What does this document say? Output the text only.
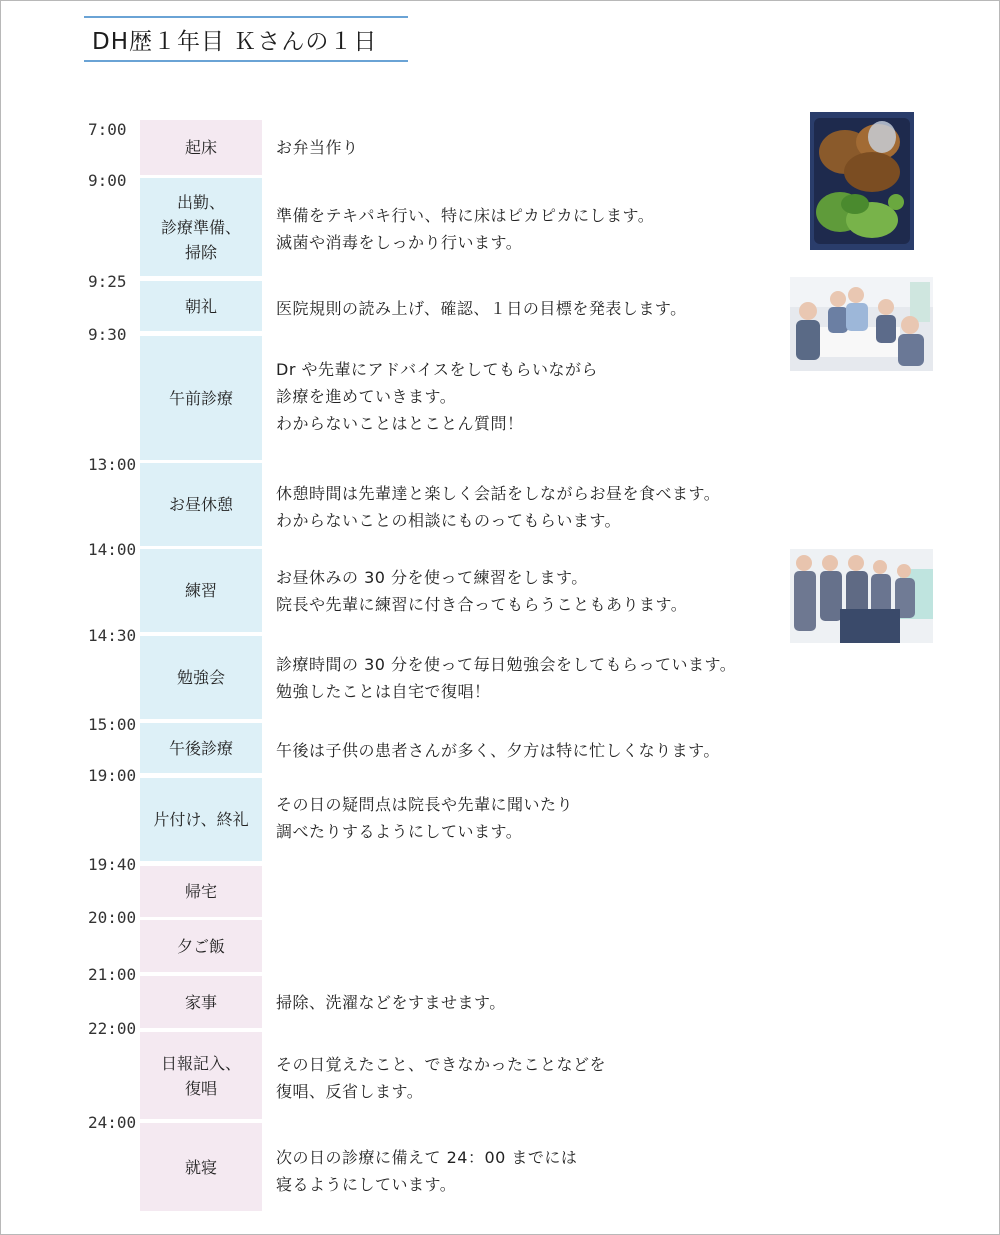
DH歴１年目 Ｋさんの１日
7:00
9:00
9:25
9:30
13:00
14:00
14:30
15:00
19:00
19:40
20:00
21:00
22:00
24:00
起床
出勤、
診療準備、
掃除
朝礼
午前診療
お昼休憩
練習
勉強会
午後診療
片付け、終礼
帰宅
夕ご飯
家事
日報記入、
復唱
就寝
お弁当作り
準備をテキパキ行い、特に床はピカピカにします。
滅菌や消毒をしっかり行います。
医院規則の読み上げ、確認、１日の目標を発表します。
Dr や先輩にアドバイスをしてもらいながら
診療を進めていきます。
わからないことはとことん質問！
休憩時間は先輩達と楽しく会話をしながらお昼を食べます。
わからないことの相談にものってもらいます。
お昼休みの 30 分を使って練習をします。
院長や先輩に練習に付き合ってもらうこともあります。
診療時間の 30 分を使って毎日勉強会をしてもらっています。
勉強したことは自宅で復唱！
午後は子供の患者さんが多く、夕方は特に忙しくなります。
その日の疑問点は院長や先輩に聞いたり
調べたりするようにしています。
掃除、洗濯などをすませます。
その日覚えたこと、できなかったことなどを
復唱、反省します。
次の日の診療に備えて 24：00 までには
寝るようにしています。
